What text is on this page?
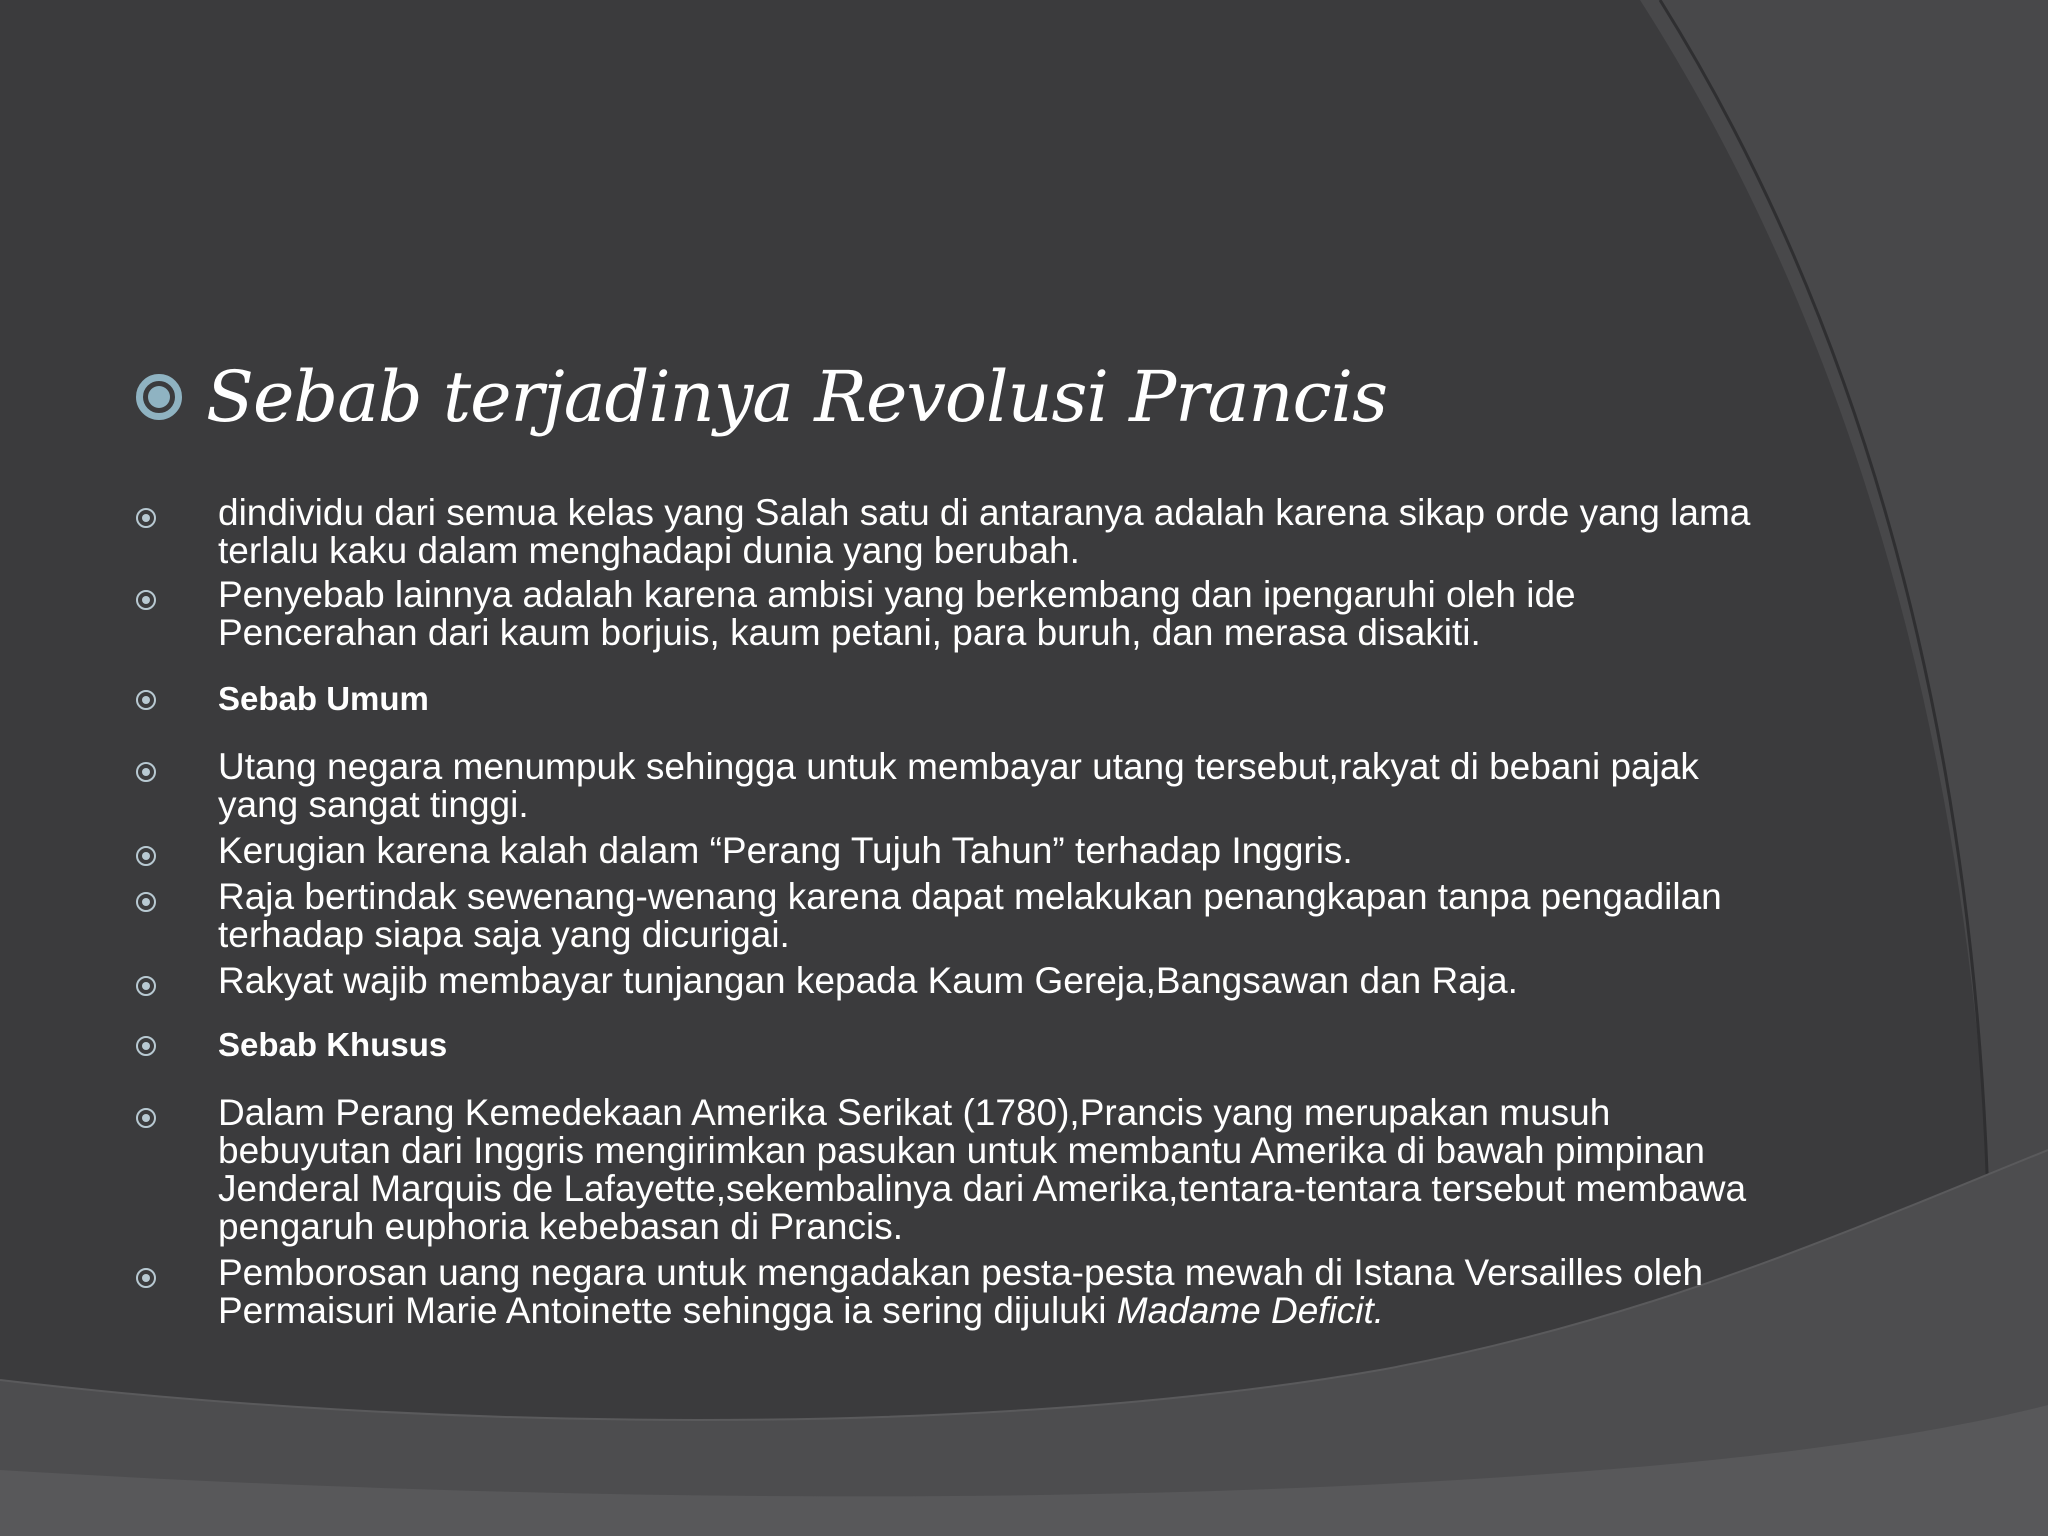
Sebab terjadinya Revolusi Prancis
dindividu dari semua kelas yang Salah satu di antaranya adalah karena sikap orde yang lama terlalu kaku dalam menghadapi dunia yang berubah.
Penyebab lainnya adalah karena ambisi yang berkembang dan ipengaruhi oleh ide Pencerahan dari kaum borjuis, kaum petani, para buruh, dan merasa disakiti.
Sebab Umum
Utang negara menumpuk sehingga untuk membayar utang tersebut,rakyat di bebani pajak yang sangat tinggi.
Kerugian karena kalah dalam “Perang Tujuh Tahun” terhadap Inggris.
Raja bertindak sewenang-wenang karena dapat melakukan penangkapan tanpa pengadilan terhadap siapa saja yang dicurigai.
Rakyat wajib membayar tunjangan kepada Kaum Gereja,Bangsawan dan Raja.
Sebab Khusus
Dalam Perang Kemedekaan Amerika Serikat (1780),Prancis yang merupakan musuh bebuyutan dari Inggris mengirimkan pasukan untuk membantu Amerika di bawah pimpinan Jenderal Marquis de Lafayette,sekembalinya dari Amerika,tentara-tentara tersebut membawa pengaruh euphoria kebebasan di Prancis.
Pemborosan uang negara untuk mengadakan pesta-pesta mewah di Istana Versailles oleh Permaisuri Marie Antoinette sehingga ia sering dijuluki Madame Deficit.
